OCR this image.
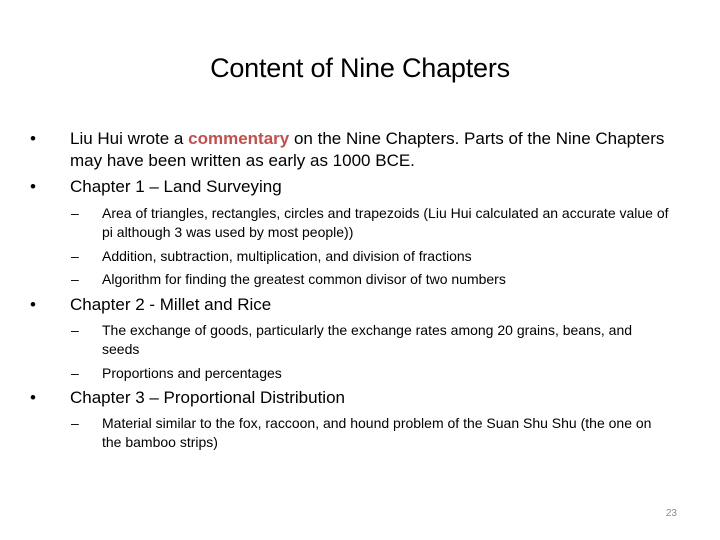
Content of Nine Chapters
• Liu Hui wrote a commentary on the Nine Chapters. Parts of the Nine Chapters may have been written as early as 1000 BCE.
• Chapter 1 – Land Surveying
– Area of triangles, rectangles, circles and trapezoids (Liu Hui calculated an accurate value of pi although 3 was used by most people))
– Addition, subtraction, multiplication, and division of fractions
– Algorithm for finding the greatest common divisor of two numbers
• Chapter 2 - Millet and Rice
– The exchange of goods, particularly the exchange rates among 20 grains, beans, and seeds
– Proportions and percentages
• Chapter 3 – Proportional Distribution
– Material similar to the fox, raccoon, and hound problem of the Suan Shu Shu (the one on the bamboo strips)
23
